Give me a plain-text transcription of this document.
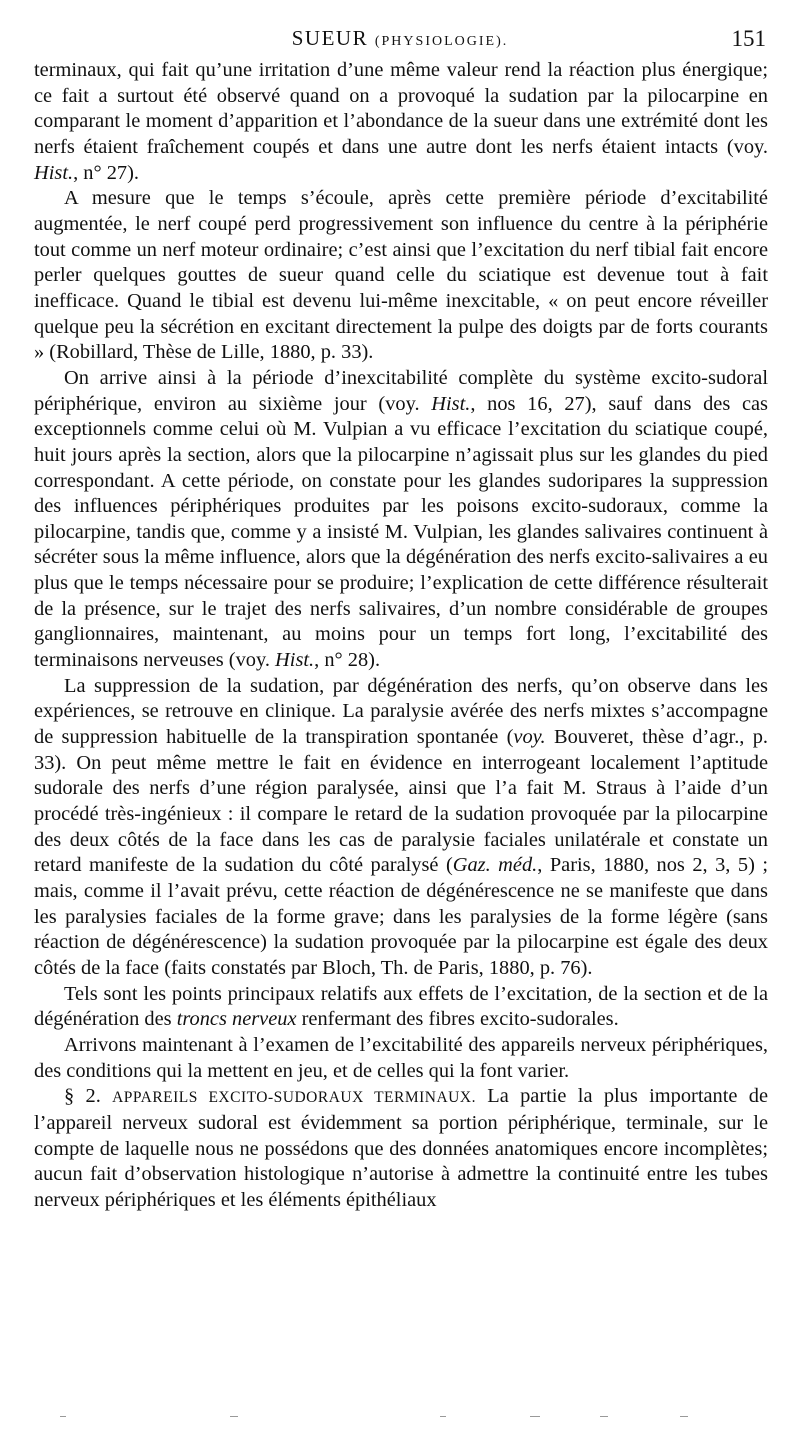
SUEUR (PHYSIOLOGIE).	151

terminaux, qui fait qu’une irritation d’une même valeur rend la réaction plus énergique; ce fait a surtout été observé quand on a provoqué la sudation par la pilocarpine en comparant le moment d’apparition et l’abondance de la sueur dans une extrémité dont les nerfs étaient fraîchement coupés et dans une autre dont les nerfs étaient intacts (voy. Hist., n° 27).

A mesure que le temps s’écoule, après cette première période d’excitabilité augmentée, le nerf coupé perd progressivement son influence du centre à la périphérie tout comme un nerf moteur ordinaire; c’est ainsi que l’excitation du nerf tibial fait encore perler quelques gouttes de sueur quand celle du sciatique est devenue tout à fait inefficace. Quand le tibial est devenu lui-même inexcitable, « on peut encore réveiller quelque peu la sécrétion en excitant directement la pulpe des doigts par de forts courants » (Robillard, Thèse de Lille, 1880, p. 33).

On arrive ainsi à la période d’inexcitabilité complète du système excito-sudoral périphérique, environ au sixième jour (voy. Hist., nos 16, 27), sauf dans des cas exceptionnels comme celui où M. Vulpian a vu efficace l’excitation du sciatique coupé, huit jours après la section, alors que la pilocarpine n’agissait plus sur les glandes du pied correspondant. A cette période, on constate pour les glandes sudoripares la suppression des influences périphériques produites par les poisons excito-sudoraux, comme la pilocarpine, tandis que, comme y a insisté M. Vulpian, les glandes salivaires continuent à sécréter sous la même influence, alors que la dégénération des nerfs excito-salivaires a eu plus que le temps nécessaire pour se produire; l’explication de cette différence résulterait de la présence, sur le trajet des nerfs salivaires, d’un nombre considérable de groupes ganglionnaires, maintenant, au moins pour un temps fort long, l’excitabilité des terminaisons nerveuses (voy. Hist., n° 28).

La suppression de la sudation, par dégénération des nerfs, qu’on observe dans les expériences, se retrouve en clinique. La paralysie avérée des nerfs mixtes s’accompagne de suppression habituelle de la transpiration spontanée (voy. Bouveret, thèse d’agr., p. 33). On peut même mettre le fait en évidence en interrogeant localement l’aptitude sudorale des nerfs d’une région paralysée, ainsi que l’a fait M. Straus à l’aide d’un procédé très-ingénieux : il compare le retard de la sudation provoquée par la pilocarpine des deux côtés de la face dans les cas de paralysie faciales unilatérale et constate un retard manifeste de la sudation du côté paralysé (Gaz. méd., Paris, 1880, nos 2, 3, 5) ; mais, comme il l’avait prévu, cette réaction de dégénérescence ne se manifeste que dans les paralysies faciales de la forme grave; dans les paralysies de la forme légère (sans réaction de dégénérescence) la sudation provoquée par la pilocarpine est égale des deux côtés de la face (faits constatés par Bloch, Th. de Paris, 1880, p. 76).

Tels sont les points principaux relatifs aux effets de l’excitation, de la section et de la dégénération des troncs nerveux renfermant des fibres excito-sudorales.

Arrivons maintenant à l’examen de l’excitabilité des appareils nerveux périphériques, des conditions qui la mettent en jeu, et de celles qui la font varier.

§ 2. APPAREILS EXCITO-SUDORAUX TERMINAUX. La partie la plus importante de l’appareil nerveux sudoral est évidemment sa portion périphérique, terminale, sur le compte de laquelle nous ne possédons que des données anatomiques encore incomplètes; aucun fait d’observation histologique n’autorise à admettre la continuité entre les tubes nerveux périphériques et les éléments épithéliaux
